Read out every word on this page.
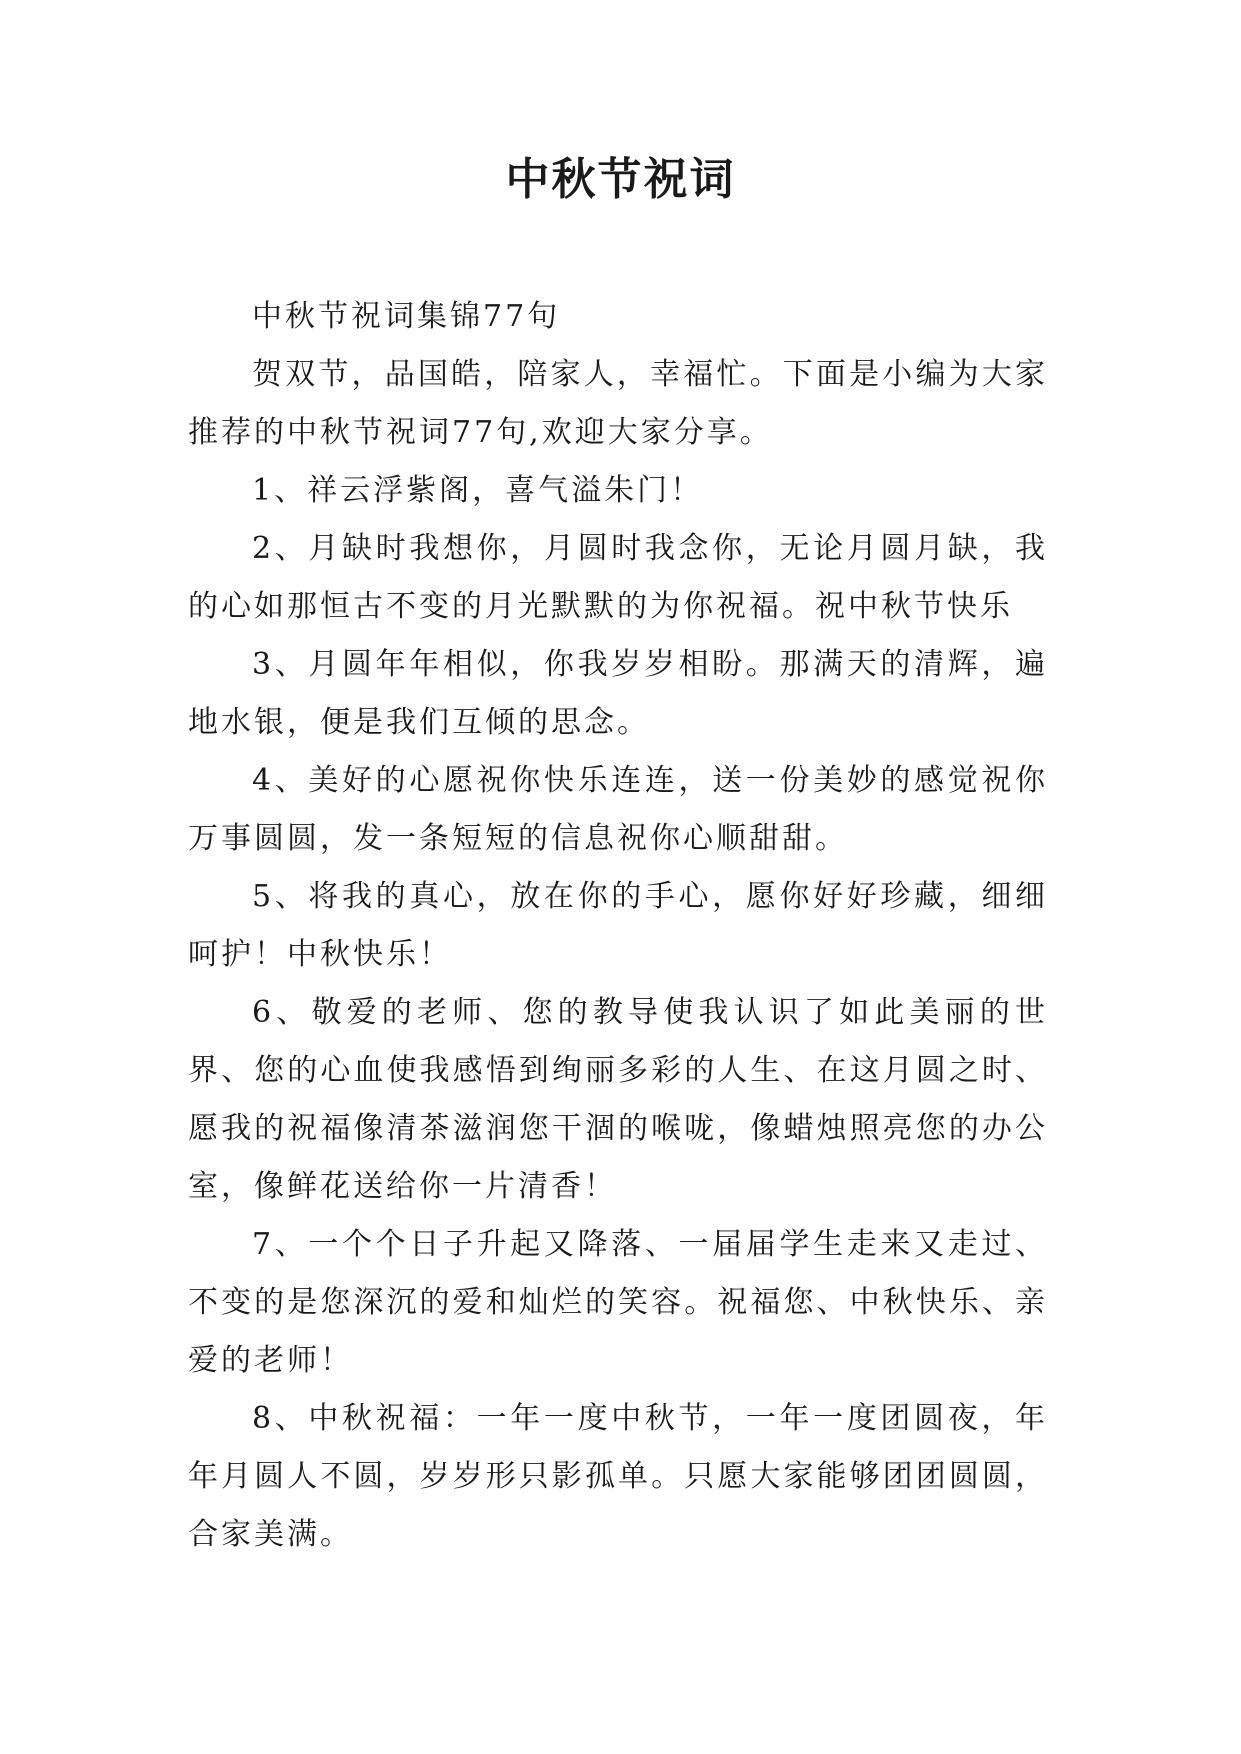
中秋节祝词

中秋节祝词集锦77句

贺双节，品国皓，陪家人，幸福忙。下面是小编为大家推荐的中秋节祝词77句,欢迎大家分享。

1、祥云浮紫阁，喜气溢朱门！

2、月缺时我想你，月圆时我念你，无论月圆月缺，我的心如那恒古不变的月光默默的为你祝福。祝中秋节快乐

3、月圆年年相似，你我岁岁相盼。那满天的清辉，遍地水银，便是我们互倾的思念。

4、美好的心愿祝你快乐连连，送一份美妙的感觉祝你万事圆圆，发一条短短的信息祝你心顺甜甜。

5、将我的真心，放在你的手心，愿你好好珍藏，细细呵护！中秋快乐！

6、敬爱的老师、您的教导使我认识了如此美丽的世界、您的心血使我感悟到绚丽多彩的人生、在这月圆之时、愿我的祝福像清茶滋润您干涸的喉咙，像蜡烛照亮您的办公室，像鲜花送给你一片清香！

7、一个个日子升起又降落、一届届学生走来又走过、不变的是您深沉的爱和灿烂的笑容。祝福您、中秋快乐、亲爱的老师！

8、中秋祝福：一年一度中秋节，一年一度团圆夜，年年月圆人不圆，岁岁形只影孤单。只愿大家能够团团圆圆，合家美满。
